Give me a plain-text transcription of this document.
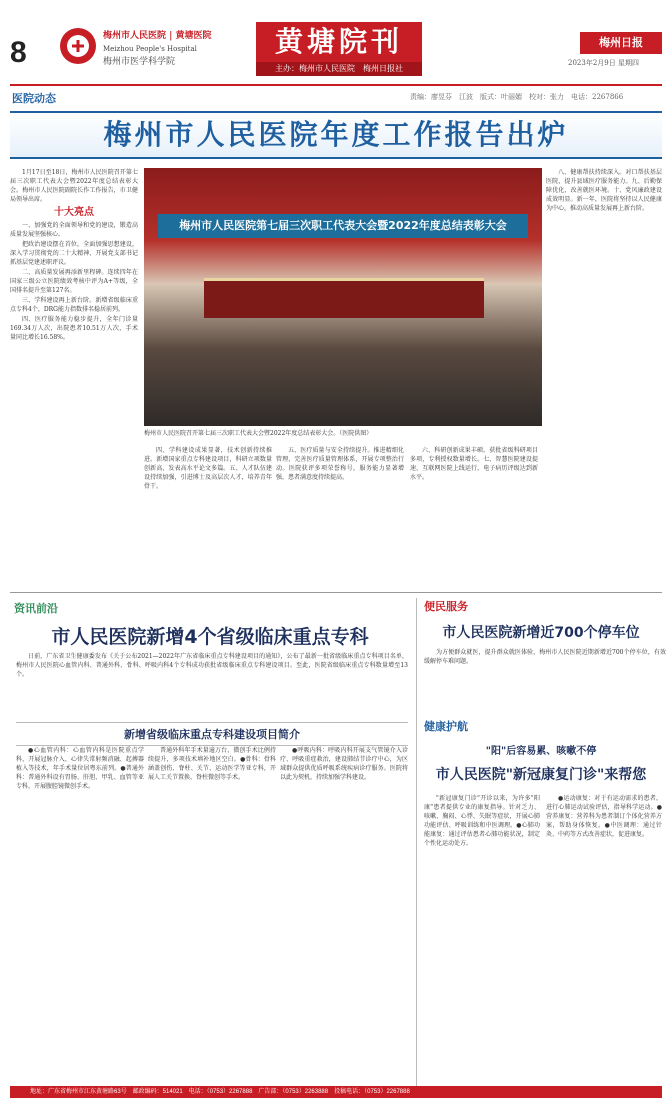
8	梅州市人民医院 | 黄塘医院
Meizhou People's Hospital
梅州市医学科学院
黄塘院刊
主办：梅州市人民医院　梅州日报社
梅州日报
2023年2月9日 星期四
责编：廖昱芬　江波　版式：叶丽媚　校对：张力　电话：2267866
医院动态
梅州市人民医院年度工作报告出炉

1月17日至18日，梅州市人民医院召开第七届三次职工代表大会暨2022年度总结表彰大会。梅州市人民医院副院长作工作报告，市卫健局领导出席。

十大亮点

一、加强党的全面领导和党的建设，锻造高质量发展坚强核心。

把政治建设摆在首位，全面加强思想建设，深入学习贯彻党的二十大精神，开展党支部书记抓基层党建述职评议。

二、高质量发展再添新里程碑。连续四年在国家三级公立医院绩效考核中评为A+等级，全国排名提升至第127名。

三、学科建设再上新台阶。新增省级临床重点专科4个，DRG能力指数排名稳居前列。

四、医疗服务能力稳步提升，全年门诊量169.34万人次，出院患者10.51万人次，手术量同比增长16.58%。

梅州市人民医院第七届三次职工代表大会暨2022年度总结表彰大会
梅州市人民医院召开第七届三次职工代表大会暨2022年度总结表彰大会。（医院供图）

四、学科建设成果显著，技术创新持续推进。新增国家重点专科建设项目，科研立项数量创新高，发表高水平论文多篇。五、人才队伍建设持续加强，引进博士及高层次人才，培养青年骨干。

五、医疗质量与安全持续提升。推进精细化管理，完善医疗质量管理体系，开展专项整治行动。医院获评多项荣誉称号，服务能力显著增强，患者满意度持续提高。

六、科研创新成果丰硕。获批省级科研项目多项，专利授权数量增长。七、智慧医院建设提速，互联网医院上线运行，电子病历评级达到新水平。

八、健康帮扶持续深入。对口帮扶基层医院，提升县域医疗服务能力。九、后勤保障优化，改善就医环境。十、党风廉政建设成效明显。新一年，医院将坚持以人民健康为中心，推动高质量发展再上新台阶。

资讯前沿
市人民医院新增4个省级临床重点专科

日前，广东省卫生健康委发布《关于公布2021—2022年广东省临床重点专科建设项目的通知》，公布了最新一批省级临床重点专科项目名单，梅州市人民医院心血管内科、普通外科、骨科、呼吸内科4个专科成功获批省级临床重点专科建设项目。至此，医院省级临床重点专科数量增至13个。

新增省级临床重点专科建设项目简介

●心血管内科：心血管内科是医院重点学科，开展冠脉介入、心律失常射频消融、起搏器植入等技术，年手术量位居粤东前列。●普通外科：普通外科设有胃肠、肝胆、甲乳、血管等亚专科，开展腹腔镜微创手术。

普通外科年手术量逾万台，微创手术比例持续提升，多项技术填补地区空白。●骨科：骨科涵盖创伤、脊柱、关节、运动医学等亚专科，开展人工关节置换、脊柱微创等手术。

●呼吸内科：呼吸内科开展支气管镜介入诊疗、呼吸重症救治，建设肺结节诊疗中心，为区域群众提供优质呼吸系统疾病诊疗服务。医院将以此为契机，持续加强学科建设。

便民服务
市人民医院新增近700个停车位

为方便群众就医，提升群众就医体验，梅州市人民医院近期新增近700个停车位，有效缓解停车难问题。

健康护航
"阳"后容易累、咳嗽不停
市人民医院"新冠康复门诊"来帮您

"新冠康复门诊"开诊以来，为许多"阳康"患者提供专业的康复指导。针对乏力、咳嗽、胸闷、心悸、失眠等症状，开展心肺功能评估、呼吸训练和中医调理。●心肺功能康复：通过评估患者心肺功能状况，制定个性化运动处方。

●运动康复：对于有运动需求的患者，进行心肺运动试验评估，指导科学运动。●营养康复：营养科为患者制订个体化营养方案，帮助身体恢复。●中医调理：通过针灸、中药等方式改善症状，促进康复。

地址：广东省梅州市江东黄塘路63号　邮政编码：514021　电话：（0753）2267888　广告部：（0753）2263888　投稿电话：（0753）2267888
